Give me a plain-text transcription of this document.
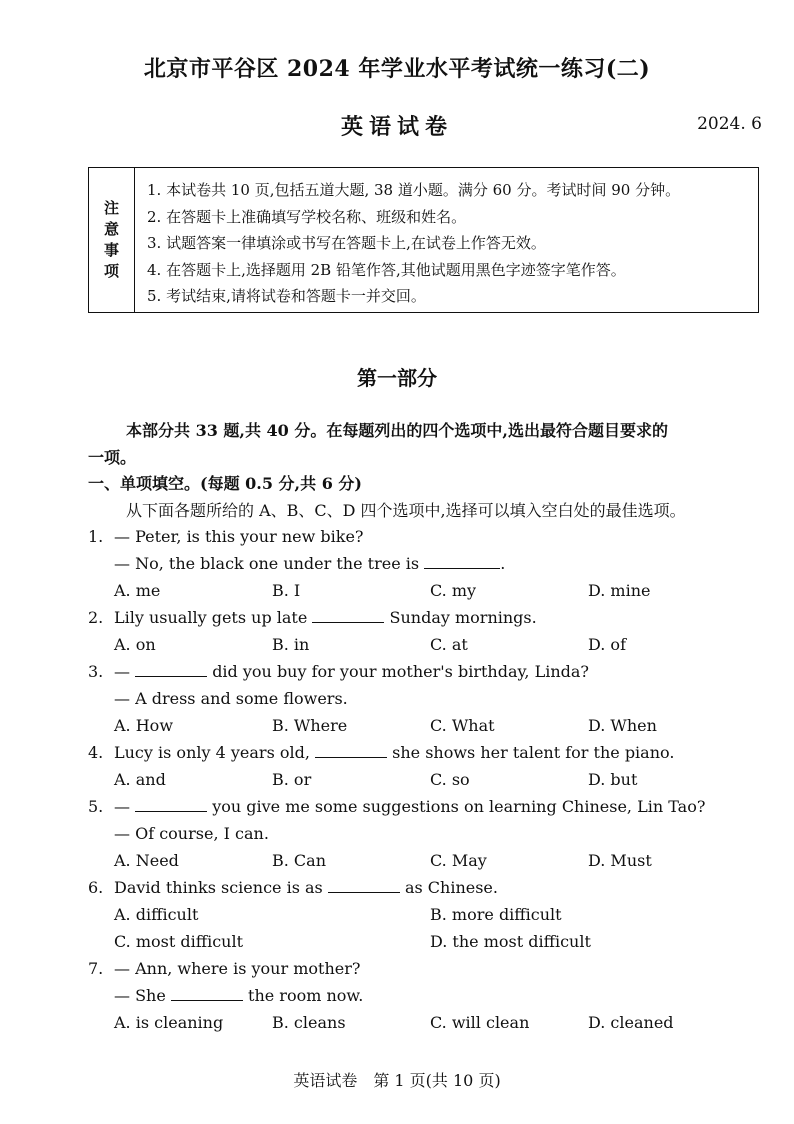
北京市平谷区 2024 年学业水平考试统一练习(二)
英语试卷	2024. 6
注
意
事
项
1. 本试卷共 10 页,包括五道大题, 38 道小题。满分 60 分。考试时间 90 分钟。
2. 在答题卡上准确填写学校名称、班级和姓名。
3. 试题答案一律填涂或书写在答题卡上,在试卷上作答无效。
4. 在答题卡上,选择题用 2B 铅笔作答,其他试题用黑色字迹签字笔作答。
5. 考试结束,请将试卷和答题卡一并交回。
第一部分
本部分共 33 题,共 40 分。在每题列出的四个选项中,选出最符合题目要求的
一项。
一、单项填空。(每题 0.5 分,共 6 分)
从下面各题所给的 A、B、C、D 四个选项中,选择可以填入空白处的最佳选项。
1. — Peter, is this your new bike?
— No, the black one under the tree is	.
A. me	B. I	C. my	D. mine
2. Lily usually gets up late	Sunday mornings.
A. on	B. in	C. at	D. of
3. —	did you buy for your mother's birthday, Linda?
— A dress and some flowers.
A. How	B. Where	C. What	D. When
4. Lucy is only 4 years old,	she shows her talent for the piano.
A. and	B. or	C. so	D. but
5. —	you give me some suggestions on learning Chinese, Lin Tao?
— Of course, I can.
A. Need	B. Can	C. May	D. Must
6. David thinks science is as	as Chinese.
A. difficult	B. more difficult
C. most difficult	D. the most difficult
7. — Ann, where is your mother?
— She	the room now.
A. is cleaning	B. cleans	C. will clean	D. cleaned
英语试卷　第 1 页(共 10 页)
